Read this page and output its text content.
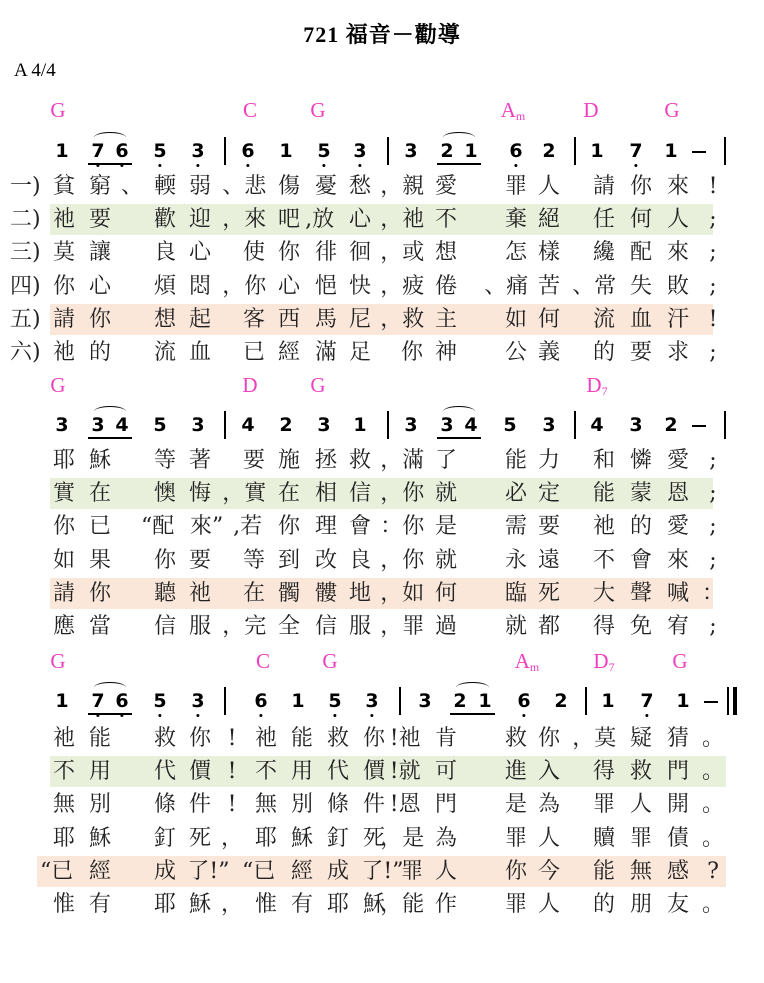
721 福音－勸導
A 4/4
G	C	G	$A_m$	D	G
1 7 6 5 3 6 1 5 3 3 2 1 6 2 1 7 1
一) 貧 窮 、 輭 弱 、悲 傷 憂 愁 ，親 愛 罪 人 請 你 來 !
二) 祂 要 歡 迎 ，來 吧 ,放 心 ，祂 不 棄 絕 任 何 人 ;
三) 莫 讓 良 心 使 你 徘 徊 ，或 想 怎 樣 纔 配 來 ;
四) 你 心 煩 悶 ，你 心 悒 快 ，疲 倦 、痛 苦 、常 失 敗 ;
五) 請 你 想 起 客 西 馬 尼 ，救 主 如 何 流 血 汗 !
六) 祂 的 流 血 已 經 滿 足 你 神 公 義 的 要 求 ;
G	D	G	$D_7$
3 3 4 5 3 4 2 3 1 3 3 4 5 3 4 3 2
耶 穌 等 著 要 施 拯 救 ，滿 了 能 力 和 憐 愛 ;
實 在 懊 悔 ，實 在 相 信 ，你 就 必 定 能 蒙 恩 ;
你 已 “配 來” ,若 你 理 會 ：你 是 需 要 祂 的 愛 ;
如 果 你 要 等 到 改 良 ，你 就 永 遠 不 會 來 ;
請 你 聽 祂 在 髑 髏 地 ，如 何 臨 死 大 聲 喊 ：
應 當 信 服 ，完 全 信 服 ，罪 過 就 都 得 免 宥 ;
G	C G	$A_m$	$D_7$	G
1 7 6 5 3	6 1 5 3 3 2 1 6 2 1 7 1
祂 能 救 你 ! 祂 能 救 你 !祂 肯 救 你 ，莫 疑 猜 。
不 用 代 價 ! 不 用 代 價 !就 可 進 入 得 救 門 。
無 別 條 件 ! 無 別 條 件 !恩 門 是 為 罪 人 開 。
耶 穌 釘 死 ， 耶 穌 釘 死
，是 為 罪 人 贖 罪 債 。
“已 經 成 了!” “已 經 成 了!”
罪 人 你 今 能 無 感 ?
惟 有 耶 穌 ， 惟 有 耶 穌
，能 作 罪 人 的 朋 友 。
